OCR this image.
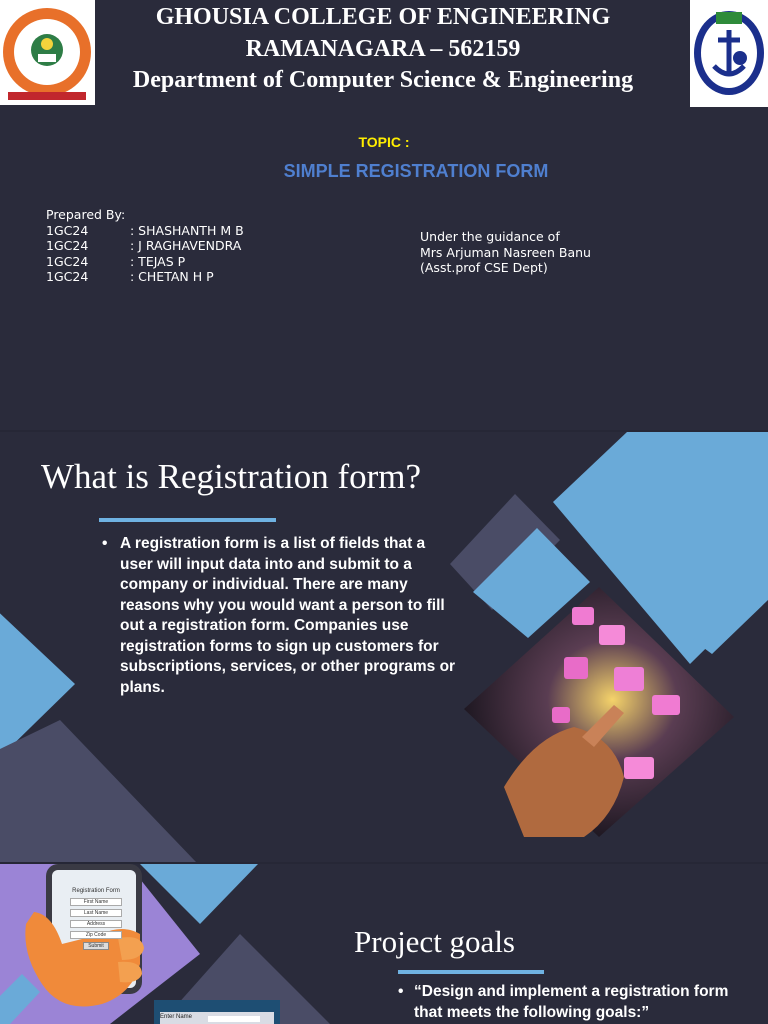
GHOUSIA COLLEGE OF ENGINEERING
RAMANAGARA – 562159
Department of Computer Science & Engineering
TOPIC :
SIMPLE REGISTRATION FORM
Prepared By:
1GC24	: SHASHANTH M B
1GC24	: J RAGHAVENDRA
1GC24	: TEJAS P
1GC24	: CHETAN H P
Under the guidance of
Mrs Arjuman Nasreen Banu
(Asst.prof CSE Dept)
What is Registration form?
• A registration form is a list of fields that a user will input data into and submit to a company or individual. There are many reasons why you would want a person to fill out a registration form. Companies use registration forms to sign up customers for subscriptions, services, or other programs or plans.
Enter Name
Registration Form
First Name
Last Name
Address
Zip Code
Submit	Project goals
• “Design and implement a registration form that meets the following goals:”
